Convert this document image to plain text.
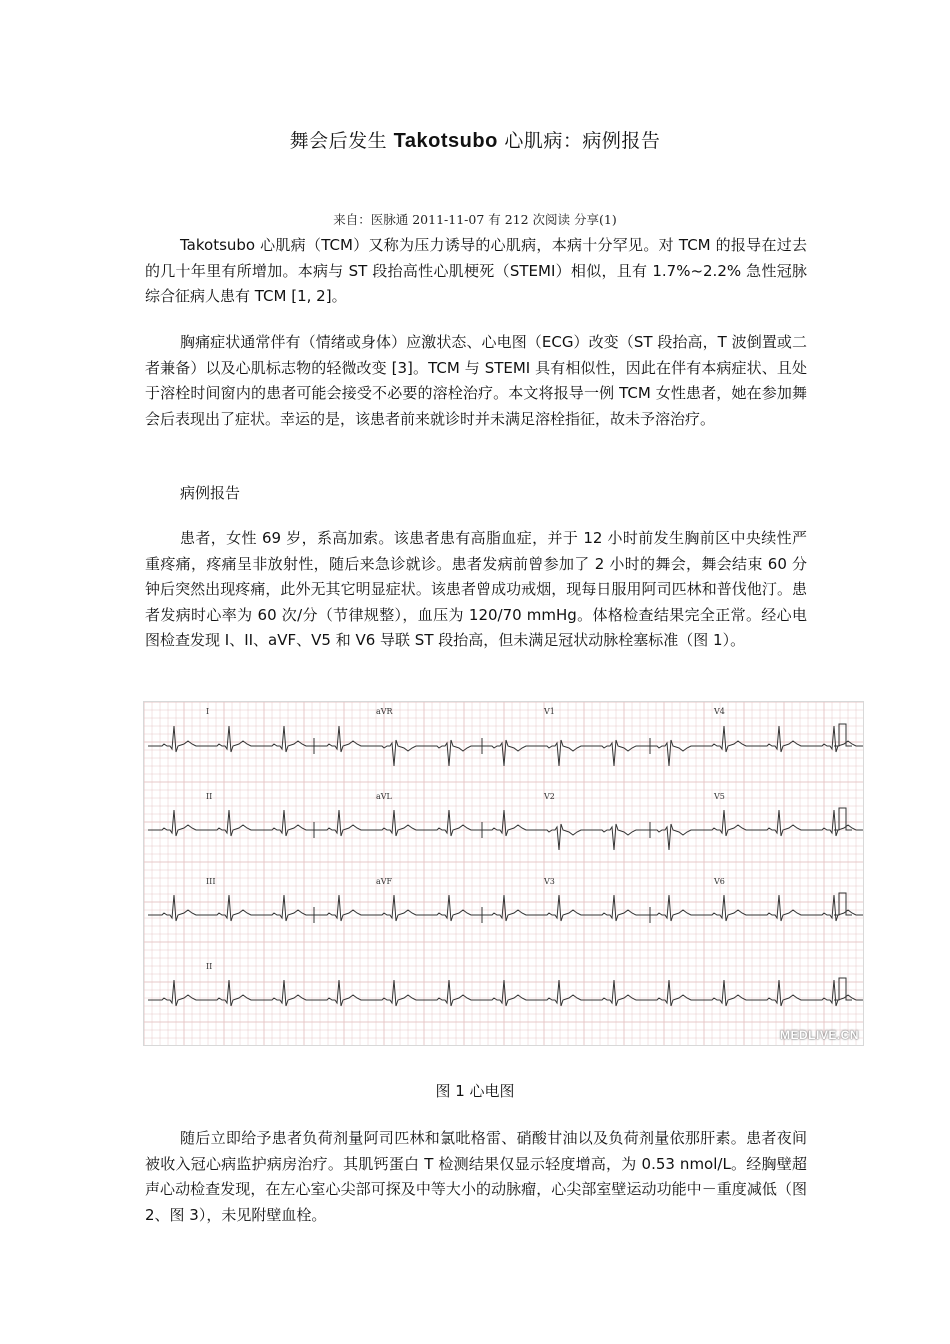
舞会后发生 Takotsubo 心肌病：病例报告
来自：医脉通 2011-11-07 有 212 次阅读 分享(1)

Takotsubo 心肌病（TCM）又称为压力诱导的心肌病，本病十分罕见。对 TCM 的报导在过去的几十年里有所增加。本病与 ST 段抬高性心肌梗死（STEMI）相似，且有 1.7%~2.2% 急性冠脉综合征病人患有 TCM [1, 2]。

胸痛症状通常伴有（情绪或身体）应激状态、心电图（ECG）改变（ST 段抬高，T 波倒置或二者兼备）以及心肌标志物的轻微改变 [3]。TCM 与 STEMI 具有相似性，因此在伴有本病症状、且处于溶栓时间窗内的患者可能会接受不必要的溶栓治疗。本文将报导一例 TCM 女性患者，她在参加舞会后表现出了症状。幸运的是，该患者前来就诊时并未满足溶栓指征，故未予溶治疗。

病例报告

患者，女性 69 岁，系高加索。该患者患有高脂血症，并于 12 小时前发生胸前区中央续性严重疼痛，疼痛呈非放射性，随后来急诊就诊。患者发病前曾参加了 2 小时的舞会，舞会结束 60 分钟后突然出现疼痛，此外无其它明显症状。该患者曾成功戒烟，现每日服用阿司匹林和普伐他汀。患者发病时心率为 60 次/分（节律规整），血压为 120/70 mmHg。体格检查结果完全正常。经心电图检查发现 I、II、aVF、V5 和 V6 导联 ST 段抬高，但未满足冠状动脉栓塞标准（图 1）。

I	aVR	V1	V4
II	aVL	V2	V5
III	aVF	V3	V6
II
MEDLIVE.CN
图 1 心电图

随后立即给予患者负荷剂量阿司匹林和氯吡格雷、硝酸甘油以及负荷剂量依那肝素。患者夜间被收入冠心病监护病房治疗。其肌钙蛋白 T 检测结果仅显示轻度增高，为 0.53 nmol/L。经胸壁超声心动检查发现，在左心室心尖部可探及中等大小的动脉瘤，心尖部室壁运动功能中－重度减低（图 2、图 3），未见附壁血栓。
